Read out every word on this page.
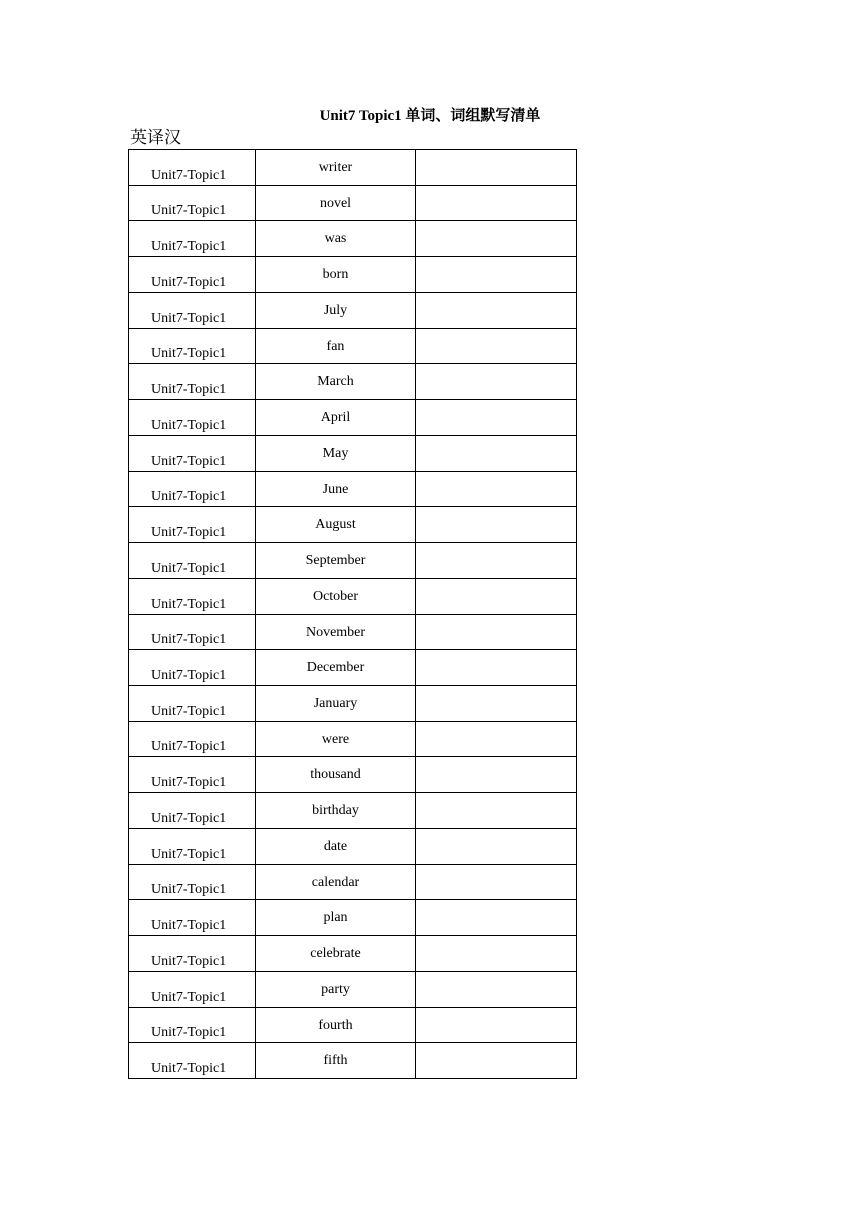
Unit7 Topic1 单词、词组默写清单
英译汉
Unit7-Topic1	writer	
Unit7-Topic1	novel	
Unit7-Topic1	was	
Unit7-Topic1	born	
Unit7-Topic1	July	
Unit7-Topic1	fan	
Unit7-Topic1	March	
Unit7-Topic1	April	
Unit7-Topic1	May	
Unit7-Topic1	June	
Unit7-Topic1	August	
Unit7-Topic1	September	
Unit7-Topic1	October	
Unit7-Topic1	November	
Unit7-Topic1	December	
Unit7-Topic1	January	
Unit7-Topic1	were	
Unit7-Topic1	thousand	
Unit7-Topic1	birthday	
Unit7-Topic1	date	
Unit7-Topic1	calendar	
Unit7-Topic1	plan	
Unit7-Topic1	celebrate	
Unit7-Topic1	party	
Unit7-Topic1	fourth	
Unit7-Topic1	fifth	
